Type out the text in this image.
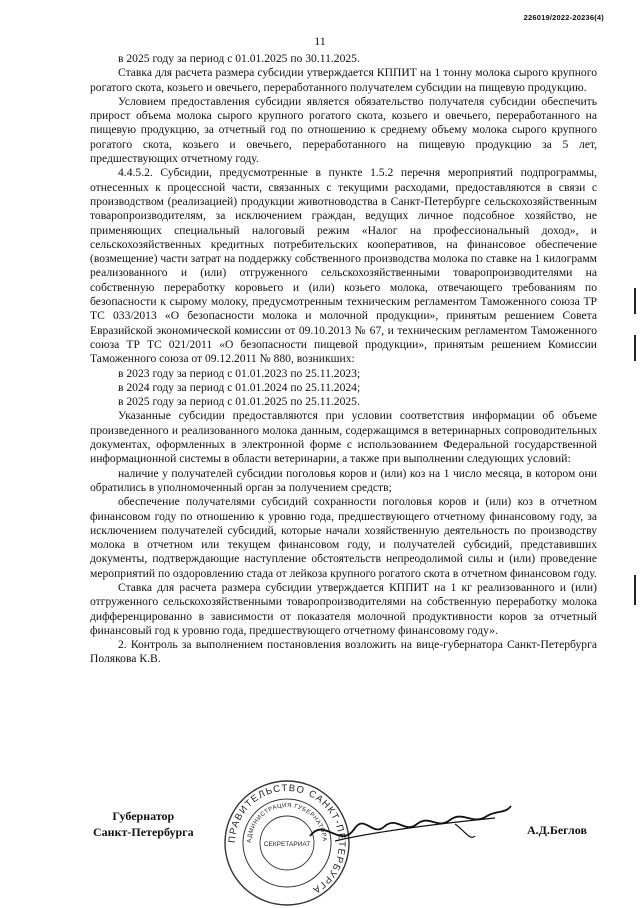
226019/2022-20236(4)
11

в 2025 году за период с 01.01.2025 по 30.11.2025.

Ставка для расчета размера субсидии утверждается КППИТ на 1 тонну молока сырого крупного рогатого скота, козьего и овечьего, переработанного получателем субсидии на пищевую продукцию.

Условием предоставления субсидии является обязательство получателя субсидии обеспечить прирост объема молока сырого крупного рогатого скота, козьего и овечьего, переработанного на пищевую продукцию, за отчетный год по отношению к среднему объему молока сырого крупного рогатого скота, козьего и овечьего, переработанного на пищевую продукцию за 5 лет, предшествующих отчетному году.

4.4.5.2. Субсидии, предусмотренные в пункте 1.5.2 перечня мероприятий подпрограммы, отнесенных к процессной части, связанных с текущими расходами, предоставляются в связи с производством (реализацией) продукции животноводства в Санкт-Петербурге сельскохозяйственным товаропроизводителям, за исключением граждан, ведущих личное подсобное хозяйство, не применяющих специальный налоговый режим «Налог на профессиональный доход», и сельскохозяйственных кредитных потребительских кооперативов, на финансовое обеспечение (возмещение) части затрат на поддержку собственного производства молока по ставке на 1 килограмм реализованного и (или) отгруженного сельскохозяйственными товаропроизводителями на собственную переработку коровьего и (или) козьего молока, отвечающего требованиям по безопасности к сырому молоку, предусмотренным техническим регламентом Таможенного союза ТР ТС 033/2013 «О безопасности молока и молочной продукции», принятым решением Совета Евразийской экономической комиссии от 09.10.2013 № 67, и техническим регламентом Таможенного союза ТР ТС 021/2011 «О безопасности пищевой продукции», принятым решением Комиссии Таможенного союза от 09.12.2011 № 880, возникших:

в 2023 году за период с 01.01.2023 по 25.11.2023;

в 2024 году за период с 01.01.2024 по 25.11.2024;

в 2025 году за период с 01.01.2025 по 25.11.2025.

Указанные субсидии предоставляются при условии соответствия информации об объеме произведенного и реализованного молока данным, содержащимся в ветеринарных сопроводительных документах, оформленных в электронной форме с использованием Федеральной государственной информационной системы в области ветеринарии, а также при выполнении следующих условий:

наличие у получателей субсидии поголовья коров и (или) коз на 1 число месяца, в котором они обратились в уполномоченный орган за получением средств;

обеспечение получателями субсидий сохранности поголовья коров и (или) коз в отчетном финансовом году по отношению к уровню года, предшествующего отчетному финансовому году, за исключением получателей субсидий, которые начали хозяйственную деятельность по производству молока в отчетном или текущем финансовом году, и получателей субсидий, представивших документы, подтверждающие наступление обстоятельств непреодолимой силы и (или) проведение мероприятий по оздоровлению стада от лейкоза крупного рогатого скота в отчетном финансовом году.

Ставка для расчета размера субсидии утверждается КППИТ на 1 кг реализованного и (или) отгруженного сельскохозяйственными товаропроизводителями на собственную переработку молока дифференцированно в зависимости от показателя молочной продуктивности коров за отчетный финансовый год к уровню года, предшествующего отчетному финансовому году».

2. Контроль за выполнением постановления возложить на вице-губернатора Санкт-Петербурга Полякова К.В.

Губернатор
Санкт-Петербурга	ПРАВИТЕЛЬСТВО САНКТ-ПЕТЕРБУРГА
АДМИНИСТРАЦИЯ ГУБЕРНАТОРА
СЕКРЕТАРИАТ
А.Д.Беглов
